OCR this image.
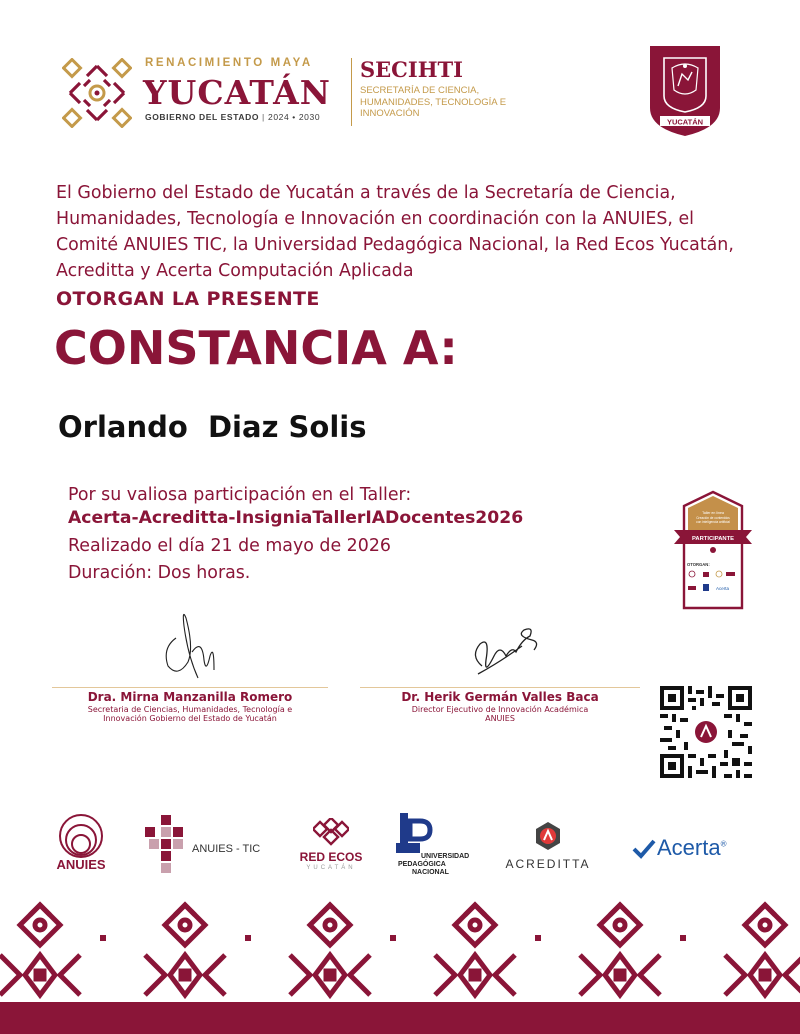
RENACIMIENTO MAYA
YUCATÁN
GOBIERNO DEL ESTADO | 2024 • 2030
SECIHTI
SECRETARÍA DE CIENCIA, HUMANIDADES, TECNOLOGÍA E INNOVACIÓN
YUCATÁN
El Gobierno del Estado de Yucatán a través de la Secretaría de Ciencia, Humanidades, Tecnología e Innovación en coordinación con la ANUIES, el Comité ANUIES TIC, la Universidad Pedagógica Nacional, la Red Ecos Yucatán, Acreditta y Acerta Computación Aplicada
OTORGAN LA PRESENTE
CONSTANCIA A:
Orlando  Diaz Solis
Por su valiosa participación en el Taller:
Acerta-Acreditta-InsigniaTallerIADocentes2026
Realizado el día 21 de mayo de 2026
Duración: Dos horas.
Taller en línea
Creación de contenidos
con inteligencia artificial
PARTICIPANTE
OTORGAN:
Acerta
Dra. Mirna Manzanilla Romero
Secretaria de Ciencias, Humanidades, Tecnología e
Innovación Gobierno del Estado de Yucatán
Dr. Herik Germán Valles Baca
Director Ejecutivo de Innovación Académica
ANUIES
ANUIES
ANUIES - TIC
RED ECOS
YUCATÁN
UNIVERSIDAD
PEDAGÓGICA
NACIONAL
ACREDITTA
Acerta®
